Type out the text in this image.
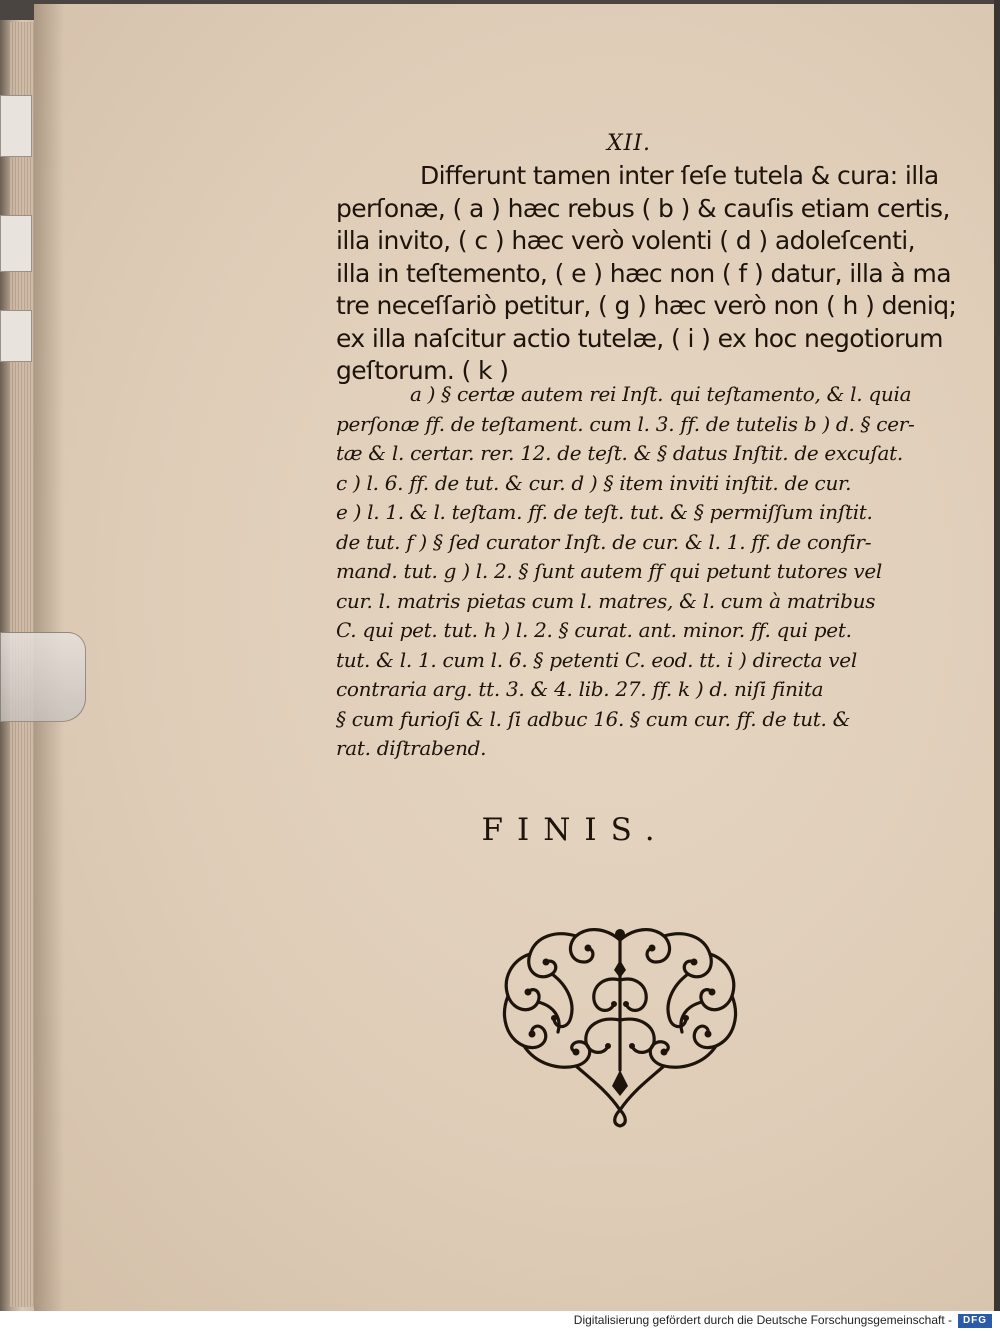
XII.
Differunt tamen inter ſeſe tutela & cura: illa
perſonæ, ( a ) hæc rebus ( b ) & cauſis etiam certis,
illa invito, ( c ) hæc verò volenti ( d ) adoleſcenti,
illa in teſtemento, ( e ) hæc non ( f ) datur, illa à ma
tre neceſſariò petitur, ( g ) hæc verò non ( h ) deniq;
ex illa naſcitur actio tutelæ, ( i ) ex hoc negotiorum
geſtorum. ( k )
a ) § certæ autem rei Inſt. qui teſtamento, & l. quia
perſonæ ff. de teſtament. cum l. 3. ff. de tutelis b ) d. § cer-
tæ & l. certar. rer. 12. de teſt. & § datus Inſtit. de excuſat.
c ) l. 6. ff. de tut. & cur. d ) § item inviti inſtit. de cur.
e ) l. 1. & l. teſtam. ff. de teſt. tut. & § permiſſum inſtit.
de tut. f ) § ſed curator Inſt. de cur. & l. 1. ff. de confir-
mand. tut. g ) l. 2. § ſunt autem ff qui petunt tutores vel
cur. l. matris pietas cum l. matres, & l. cum à matribus
C. qui pet. tut. h ) l. 2. § curat. ant. minor. ff. qui pet.
tut. & l. 1. cum l. 6. § petenti C. eod. tt. i ) directa vel
contraria arg. tt. 3. & 4. lib. 27. ff. k ) d. niſi finita
§ cum furioſi & l. ſi adbuc 16. § cum cur. ff. de tut. &
rat. diſtrabend.
FINIS.
Digitalisierung gefördert durch die Deutsche Forschungsgemeinschaft -	DFG
